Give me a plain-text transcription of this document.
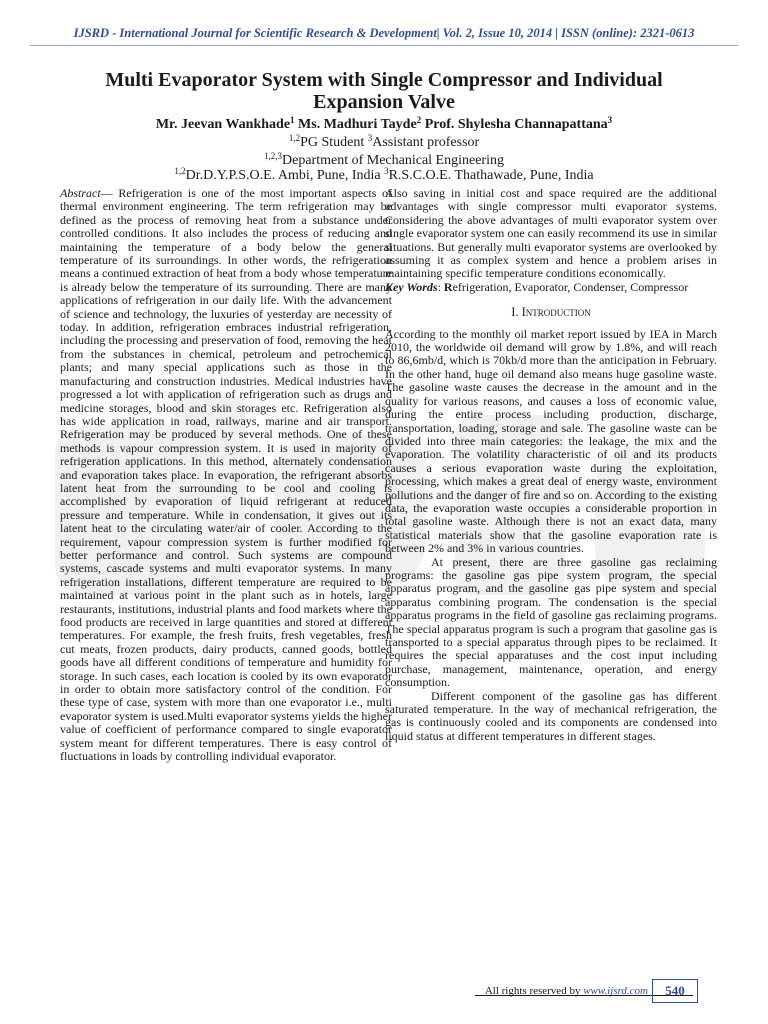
IJSRD - International Journal for Scientific Research & Development| Vol. 2, Issue 10, 2014 | ISSN (online): 2321-0613
Multi Evaporator System with Single Compressor and Individual Expansion Valve
Mr. Jeevan Wankhade$^1$ Ms. Madhuri Tayde$^2$ Prof. Shylesha Channapattana$^3$
$^{1,2}$PG Student $^3$Assistant professor
$^{1,2,3}$Department of Mechanical Engineering
$^{1,2}$Dr.D.Y.P.S.O.E. Ambi, Pune, India $^3$R.S.C.O.E. Thathawade, Pune, India

Abstract— Refrigeration is one of the most important aspects of thermal environment engineering. The term refrigeration may be defined as the process of removing heat from a substance under controlled conditions. It also includes the process of reducing and maintaining the temperature of a body below the general temperature of its surroundings. In other words, the refrigeration means a continued extraction of heat from a body whose temperature is already below the temperature of its surrounding. There are many applications of refrigeration in our daily life. With the advancement of science and technology, the luxuries of yesterday are necessity of today. In addition, refrigeration embraces industrial refrigeration, including the processing and preservation of food, removing the heat from the substances in chemical, petroleum and petrochemical plants; and many special applications such as those in the manufacturing and construction industries. Medical industries have progressed a lot with application of refrigeration such as drugs and medicine storages, blood and skin storages etc. Refrigeration also has wide application in road, railways, marine and air transport. Refrigeration may be produced by several methods. One of these methods is vapour compression system. It is used in majority of refrigeration applications. In this method, alternately condensation and evaporation takes place. In evaporation, the refrigerant absorbs latent heat from the surrounding to be cool and cooling is accomplished by evaporation of liquid refrigerant at reduced pressure and temperature. While in condensation, it gives out its latent heat to the circulating water/air of cooler. According to the requirement, vapour compression system is further modified for better performance and control. Such systems are compound systems, cascade systems and multi evaporator systems. In many refrigeration installations, different temperature are required to be maintained at various point in the plant such as in hotels, large restaurants, institutions, industrial plants and food markets where the food products are received in large quantities and stored at different temperatures. For example, the fresh fruits, fresh vegetables, fresh cut meats, frozen products, dairy products, canned goods, bottled goods have all different conditions of temperature and humidity for storage. In such cases, each location is cooled by its own evaporator in order to obtain more satisfactory control of the condition. For these type of case, system with more than one evaporator i.e., multi evaporator system is used.Multi evaporator systems yields the higher value of coefficient of performance compared to single evaporator system meant for different temperatures. There is easy control of fluctuations in loads by controlling individual evaporator.

Also saving in initial cost and space required are the additional advantages with single compressor multi evaporator systems. Considering the above advantages of multi evaporator system over single evaporator system one can easily recommend its use in similar situations. But generally multi evaporator systems are overlooked by assuming it as complex system and hence a problem arises in maintaining specific temperature conditions economically.

Key Words: Refrigeration, Evaporator, Condenser, Compressor

I. Introduction

According to the monthly oil market report issued by IEA in March 2010, the worldwide oil demand will grow by 1.8%, and will reach to 86,6mb/d, which is 70kb/d more than the anticipation in February. In the other hand, huge oil demand also means huge gasoline waste. The gasoline waste causes the decrease in the amount and in the quality for various reasons, and causes a loss of economic value, during the entire process including production, discharge, transportation, loading, storage and sale. The gasoline waste can be divided into three main categories: the leakage, the mix and the evaporation. The volatility characteristic of oil and its products causes a serious evaporation waste during the exploitation, processing, which makes a great deal of energy waste, environment pollutions and the danger of fire and so on. According to the existing data, the evaporation waste occupies a considerable proportion in total gasoline waste. Although there is not an exact data, many statistical materials show that the gasoline evaporation rate is between 2% and 3% in various countries.

At present, there are three gasoline gas reclaiming programs: the gasoline gas pipe system program, the special apparatus program, and the gasoline gas pipe system and special apparatus combining program. The condensation is the special apparatus programs in the field of gasoline gas reclaiming programs. The special apparatus program is such a program that gasoline gas is transported to a special apparatus through pipes to be reclaimed. It requires the special apparatuses and the cost input including purchase, management, maintenance, operation, and energy consumption.

Different component of the gasoline gas has different saturated temperature. In the way of mechanical refrigeration, the gas is continuously cooled and its components are condensed into liquid status at different temperatures in different stages.

All rights reserved by www.ijsrd.com	540
